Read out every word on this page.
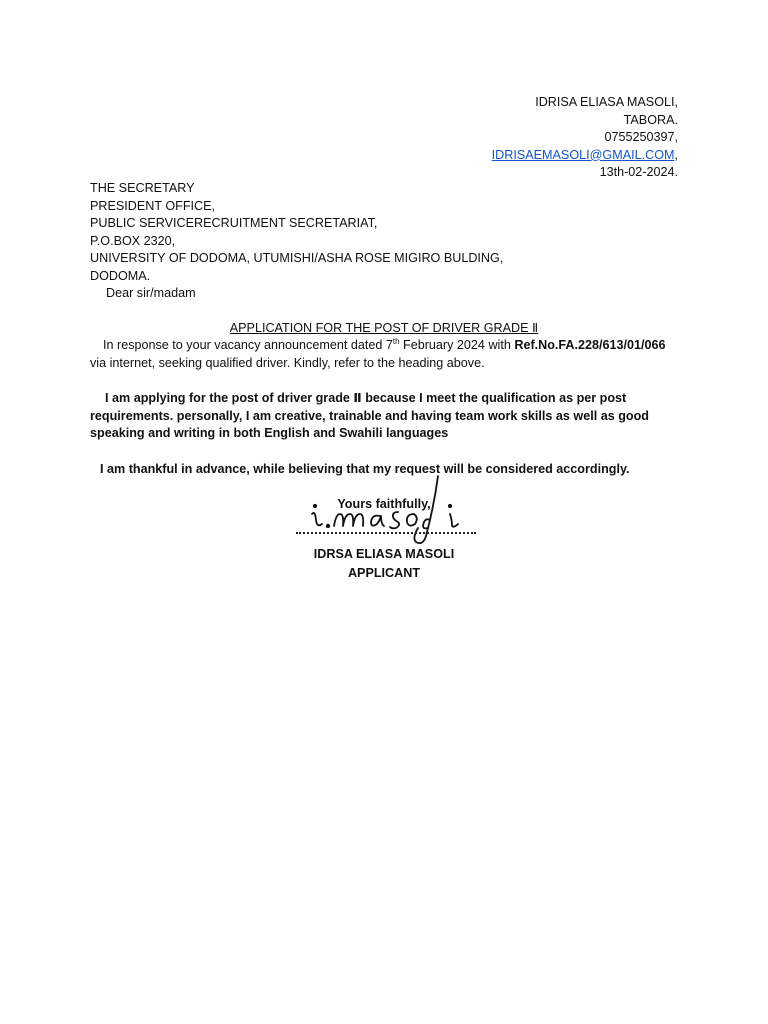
IDRISA ELIASA MASOLI,
TABORA.
0755250397,
IDRISAEMASOLI@GMAIL.COM,
13th-02-2024.
THE SECRETARY
PRESIDENT OFFICE,
PUBLIC SERVICERECRUITMENT SECRETARIAT,
P.O.BOX 2320,
UNIVERSITY OF DODOMA, UTUMISHI/ASHA ROSE MIGIRO BULDING,
DODOMA.
Dear sir/madam
APPLICATION FOR THE POST OF DRIVER GRADE Ⅱ
In response to your vacancy announcement dated 7th February 2024 with Ref.No.FA.228/613/01/066
via internet, seeking qualified driver. Kindly, refer to the heading above.
I am applying for the post of driver grade Ⅱ because I meet the qualification as per post
requirements. personally, I am creative, trainable and having team work skills as well as good
speaking and writing in both English and Swahili languages
I am thankful in advance, while believing that my request will be considered accordingly.
Yours faithfully,
IDRSA ELIASA MASOLI
APPLICANT
